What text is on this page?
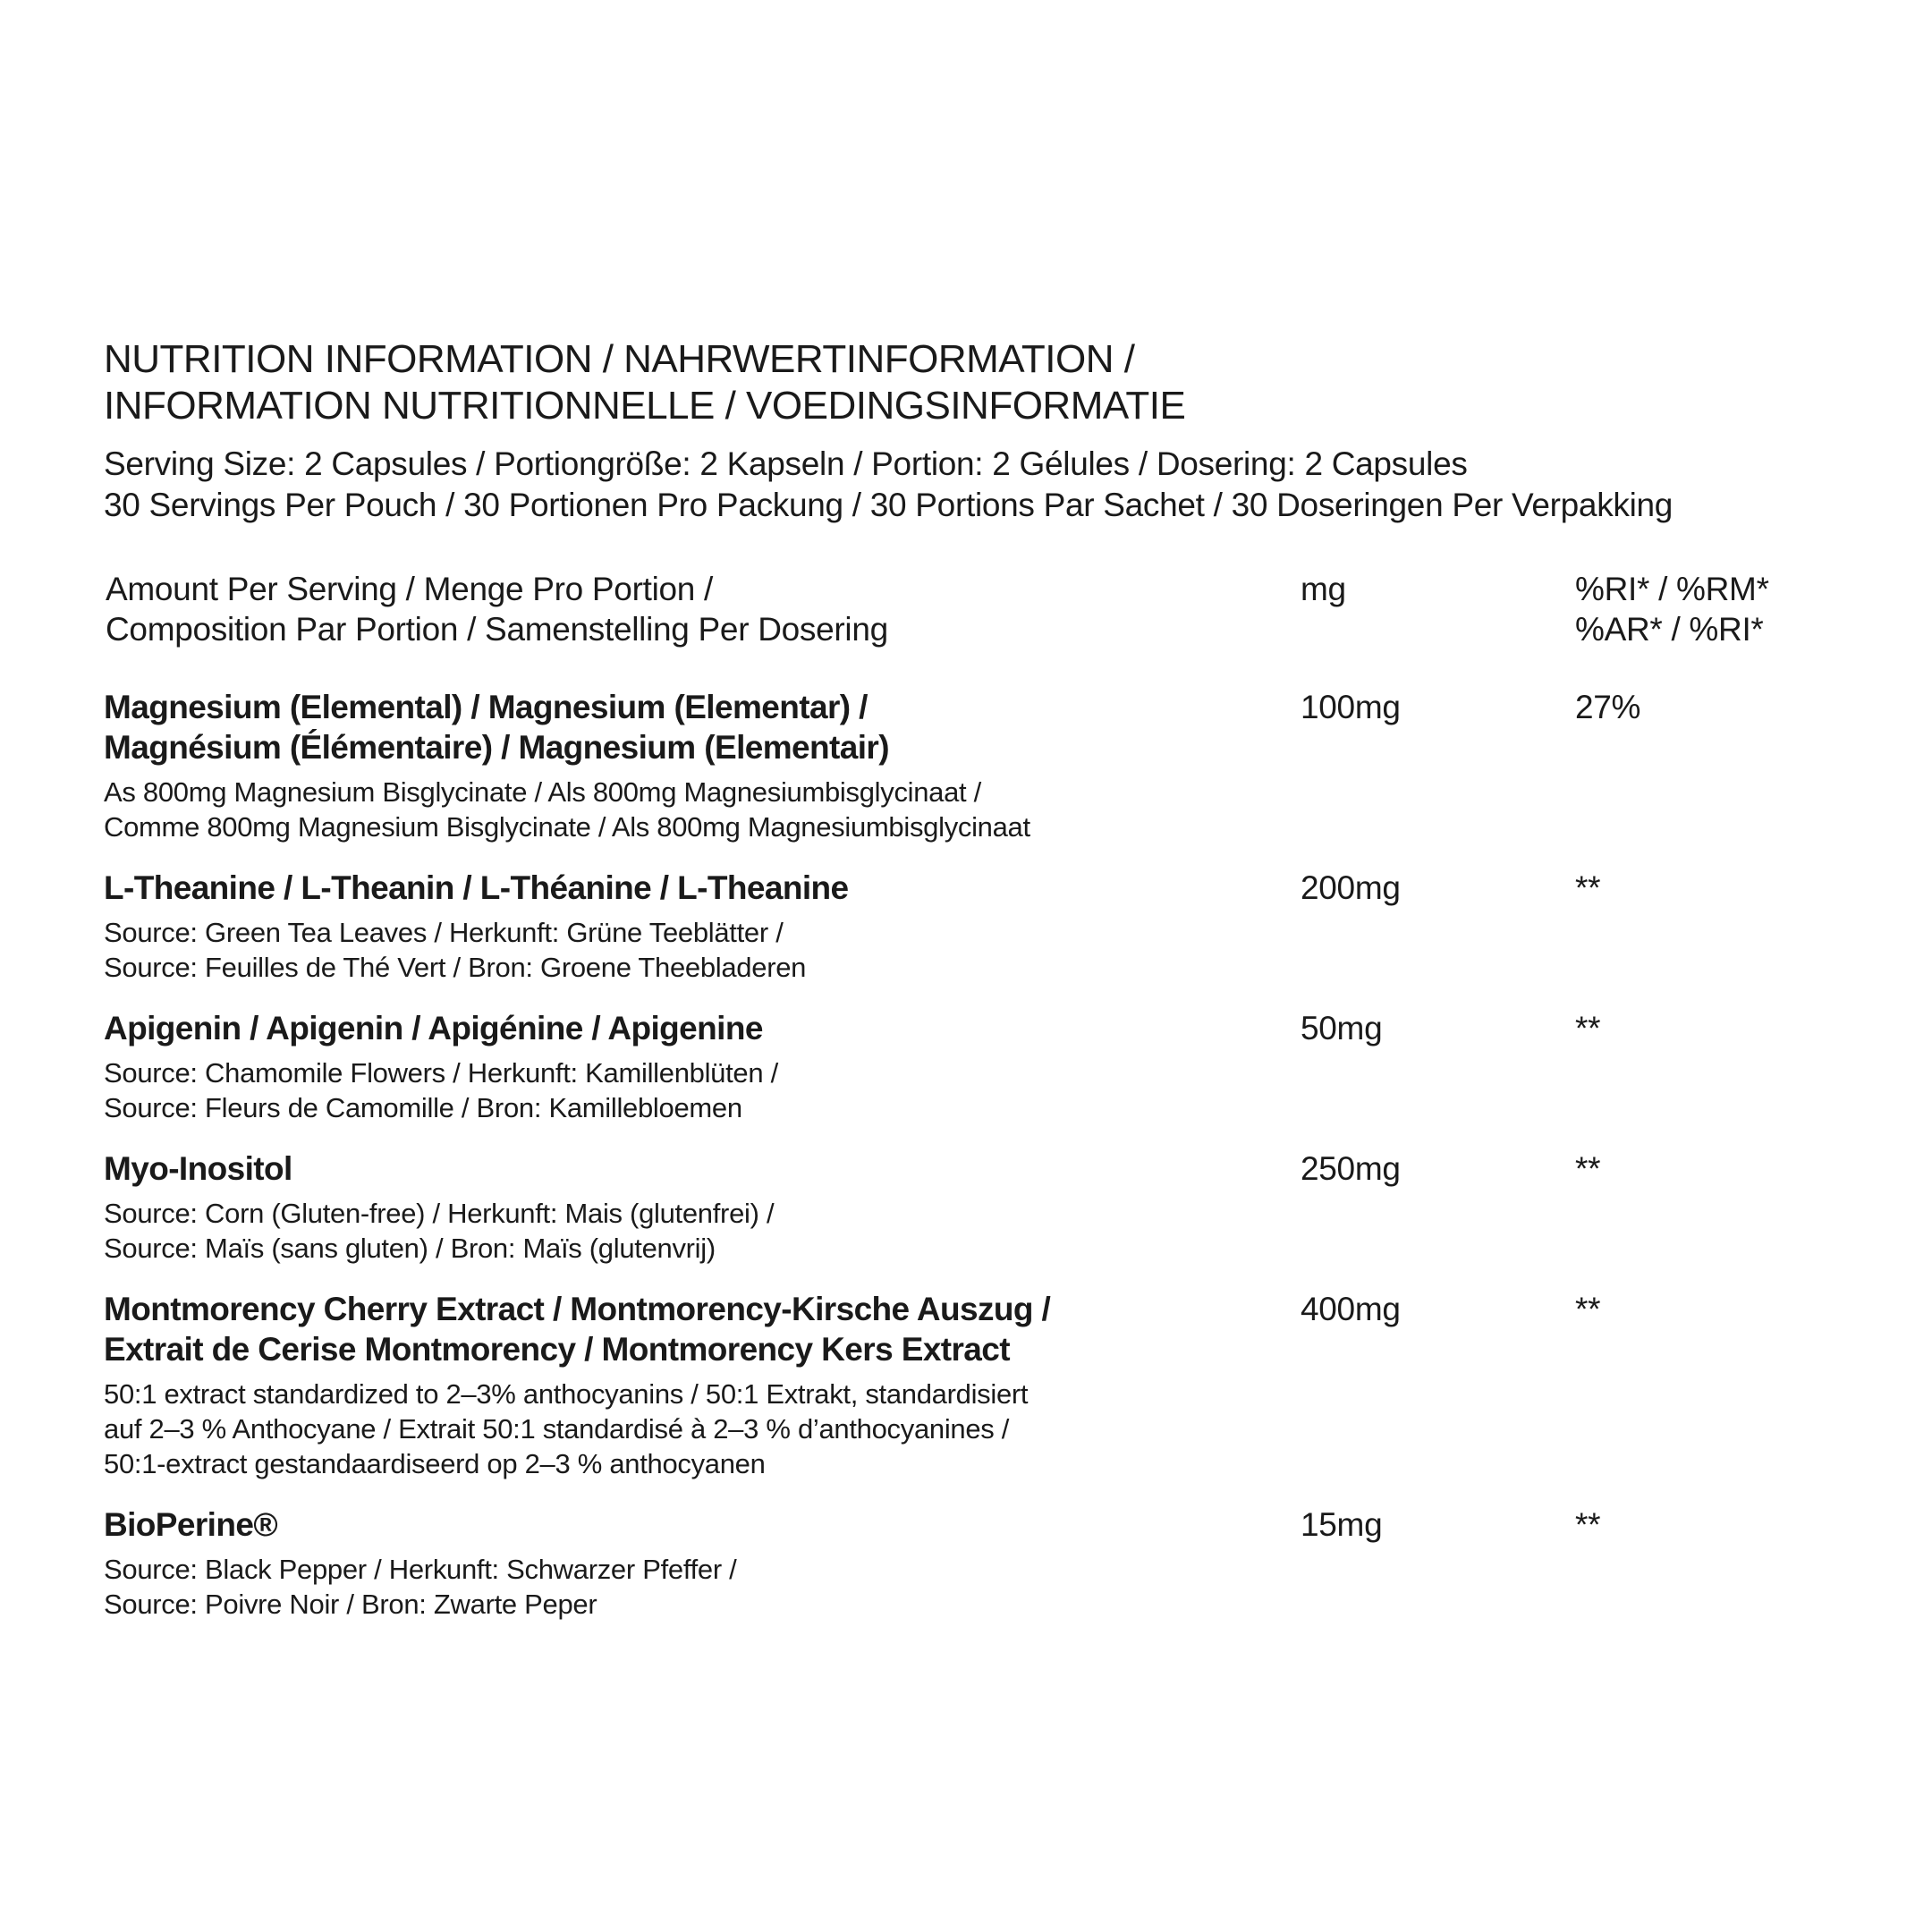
NUTRITION INFORMATION / NAHRWERTINFORMATION /
INFORMATION NUTRITIONNELLE / VOEDINGSINFORMATIE
Serving Size: 2 Capsules / Portiongröße: 2 Kapseln / Portion: 2 Gélules / Dosering: 2 Capsules
30 Servings Per Pouch / 30 Portionen Pro Packung / 30 Portions Par Sachet / 30 Doseringen Per Verpakking
Amount Per Serving / Menge Pro Portion /
Composition Par Portion / Samenstelling Per Dosering
mg	%RI* / %RM*
%AR* / %RI*
Magnesium (Elemental) / Magnesium (Elementar) /
Magnésium (Élémentaire) / Magnesium (Elementair)
As 800mg Magnesium Bisglycinate / Als 800mg Magnesiumbisglycinaat /
Comme 800mg Magnesium Bisglycinate / Als 800mg Magnesiumbisglycinaat
100mg	27%
L-Theanine / L-Theanin / L-Théanine / L-Theanine
Source: Green Tea Leaves / Herkunft: Grüne Teeblätter /
Source: Feuilles de Thé Vert / Bron: Groene Theebladeren
200mg	**
Apigenin / Apigenin / Apigénine / Apigenine
Source: Chamomile Flowers / Herkunft: Kamillenblüten /
Source: Fleurs de Camomille / Bron: Kamillebloemen
50mg	**
Myo-Inositol
Source: Corn (Gluten-free) / Herkunft: Mais (glutenfrei) /
Source: Maïs (sans gluten) / Bron: Maïs (glutenvrij)
250mg	**
Montmorency Cherry Extract / Montmorency-Kirsche Auszug /
Extrait de Cerise Montmorency / Montmorency Kers Extract
50:1 extract standardized to 2–3% anthocyanins / 50:1 Extrakt, standardisiert
auf 2–3 % Anthocyane / Extrait 50:1 standardisé à 2–3 % d’anthocyanines /
50:1-extract gestandaardiseerd op 2–3 % anthocyanen
400mg	**
BioPerine®
Source: Black Pepper / Herkunft: Schwarzer Pfeffer /
Source: Poivre Noir / Bron: Zwarte Peper
15mg	**
